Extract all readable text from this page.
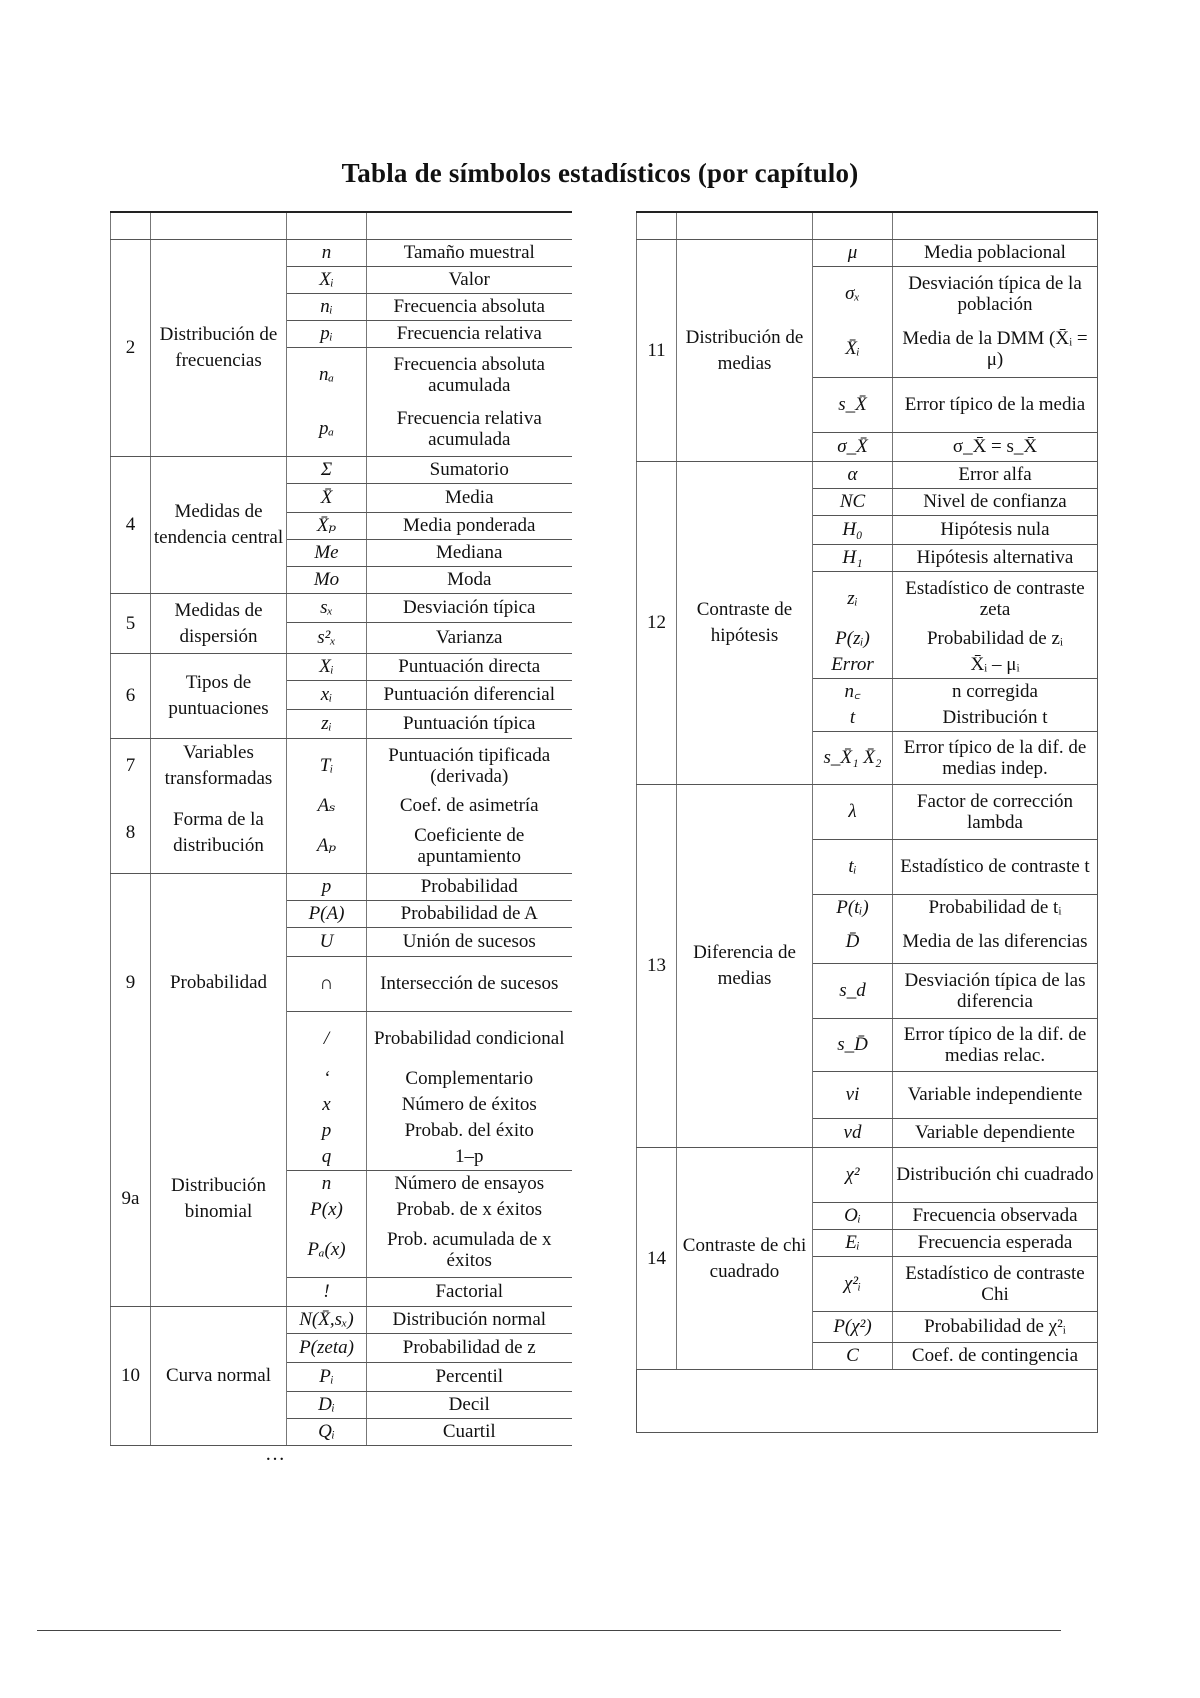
Tabla de símbolos estadísticos (por capítulo)

2	Distribución de frecuencias	n	Tamaño muestral
		Xᵢ	Valor
		nᵢ	Frecuencia absoluta
		pᵢ	Frecuencia relativa
		nₐ	Frecuencia absoluta acumulada
		pₐ	Frecuencia relativa acumulada
4	Medidas de tendencia central	Σ	Sumatorio
		X̄	Media
		X̄ₚ	Media ponderada
		Me	Mediana
		Mo	Moda
5	Medidas de dispersión	sₓ	Desviación típica
		s²ₓ	Varianza
6	Tipos de puntuaciones	Xᵢ	Puntuación directa
		xᵢ	Puntuación diferencial
		zᵢ	Puntuación típica
7	Variables transformadas	Tᵢ	Puntuación tipificada (derivada)
8	Forma de la distribución	Aₛ	Coef. de asimetría
		Aₚ	Coeficiente de apuntamiento
9	Probabilidad	p	Probabilidad
		P(A)	Probabilidad de A
		U	Unión de sucesos
		∩	Intersección de sucesos
		/	Probabilidad condicional
		‘	Complementario
9a	Distribución binomial	x	Número de éxitos
		p	Probab. del éxito
		q	1–p
		n	Número de ensayos
		P(x)	Probab. de x éxitos
		Pₐ(x)	Prob. acumulada de x éxitos
		!	Factorial
10	Curva normal	N(X̄,sₓ)	Distribución normal
		P(zeta)	Probabilidad de z
		Pᵢ	Percentil
		Dᵢ	Decil
		Qᵢ	Cuartil

11	Distribución de medias	μ	Media poblacional
		σₓ	Desviación típica de la población
		X̄ᵢ	Media de la DMM (X̄ᵢ = μ)
		s_X̄	Error típico de la media
		σ_X̄	σ_X̄ = s_X̄
12	Contraste de hipótesis	α	Error alfa
		NC	Nivel de confianza
		H₀	Hipótesis nula
		H₁	Hipótesis alternativa
		zᵢ	Estadístico de contraste zeta
		P(zᵢ)	Probabilidad de zᵢ
		Error	X̄ᵢ – μᵢ
		n꜀	n corregida
		t	Distribución t
		s_X̄₁ X̄₂	Error típico de la dif. de medias indep.
13	Diferencia de medias	λ	Factor de corrección lambda
		tᵢ	Estadístico de contraste t
		P(tᵢ)	Probabilidad de tᵢ
		D̄	Media de las diferencias
		s_d	Desviación típica de las diferencia
		s_D̄	Error típico de la dif. de medias relac.
		vi	Variable independiente
		vd	Variable dependiente
14	Contraste de chi cuadrado	χ²	Distribución chi cuadrado
		Oᵢ	Frecuencia observada
		Eᵢ	Frecuencia esperada
		χ²ᵢ	Estadístico de contraste Chi
		P(χ²)	Probabilidad de χ²ᵢ
		C	Coef. de contingencia

…
